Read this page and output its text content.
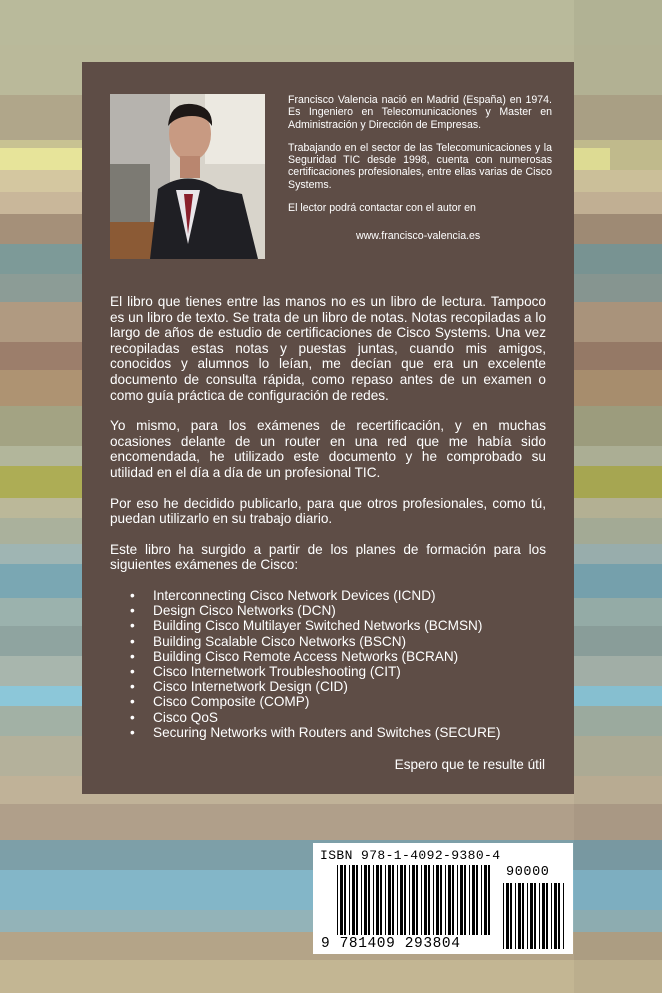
Francisco Valencia nació en Madrid (España) en 1974. Es Ingeniero en Telecomunicaciones y Master en Administración y Dirección de Empresas.

Trabajando en el sector de las Telecomunicaciones y la Seguridad TIC desde 1998, cuenta con numerosas certificaciones profesionales, entre ellas varias de Cisco Systems.

El lector podrá contactar con el autor en

www.francisco-valencia.es

El libro que tienes entre las manos no es un libro de lectura. Tampoco es un libro de texto. Se trata de un libro de notas. Notas recopiladas a lo largo de años de estudio de certificaciones de Cisco Systems. Una vez recopiladas estas notas y puestas juntas, cuando mis amigos, conocidos y alumnos lo leían, me decían que era un excelente documento de consulta rápida, como repaso antes de un examen o como guía práctica de configuración de redes.

Yo mismo, para los exámenes de recertificación, y en muchas ocasiones delante de un router en una red que me había sido encomendada, he utilizado este documento y he comprobado su utilidad en el día a día de un profesional TIC.

Por eso he decidido publicarlo, para que otros profesionales, como tú, puedan utilizarlo en su trabajo diario.

Este libro ha surgido a partir de los planes de formación para los siguientes exámenes de Cisco:

• Interconnecting Cisco Network Devices (ICND)
• Design Cisco Networks (DCN)
• Building Cisco Multilayer Switched Networks (BCMSN)
• Building Scalable Cisco Networks (BSCN)
• Building Cisco Remote Access Networks (BCRAN)
• Cisco Internetwork Troubleshooting (CIT)
• Cisco Internetwork Design (CID)
• Cisco Composite (COMP)
• Cisco QoS
• Securing Networks with Routers and Switches (SECURE)
Espero que te resulte útil
ISBN 978-1-4092-9380-4
9 781409 293804
90000
